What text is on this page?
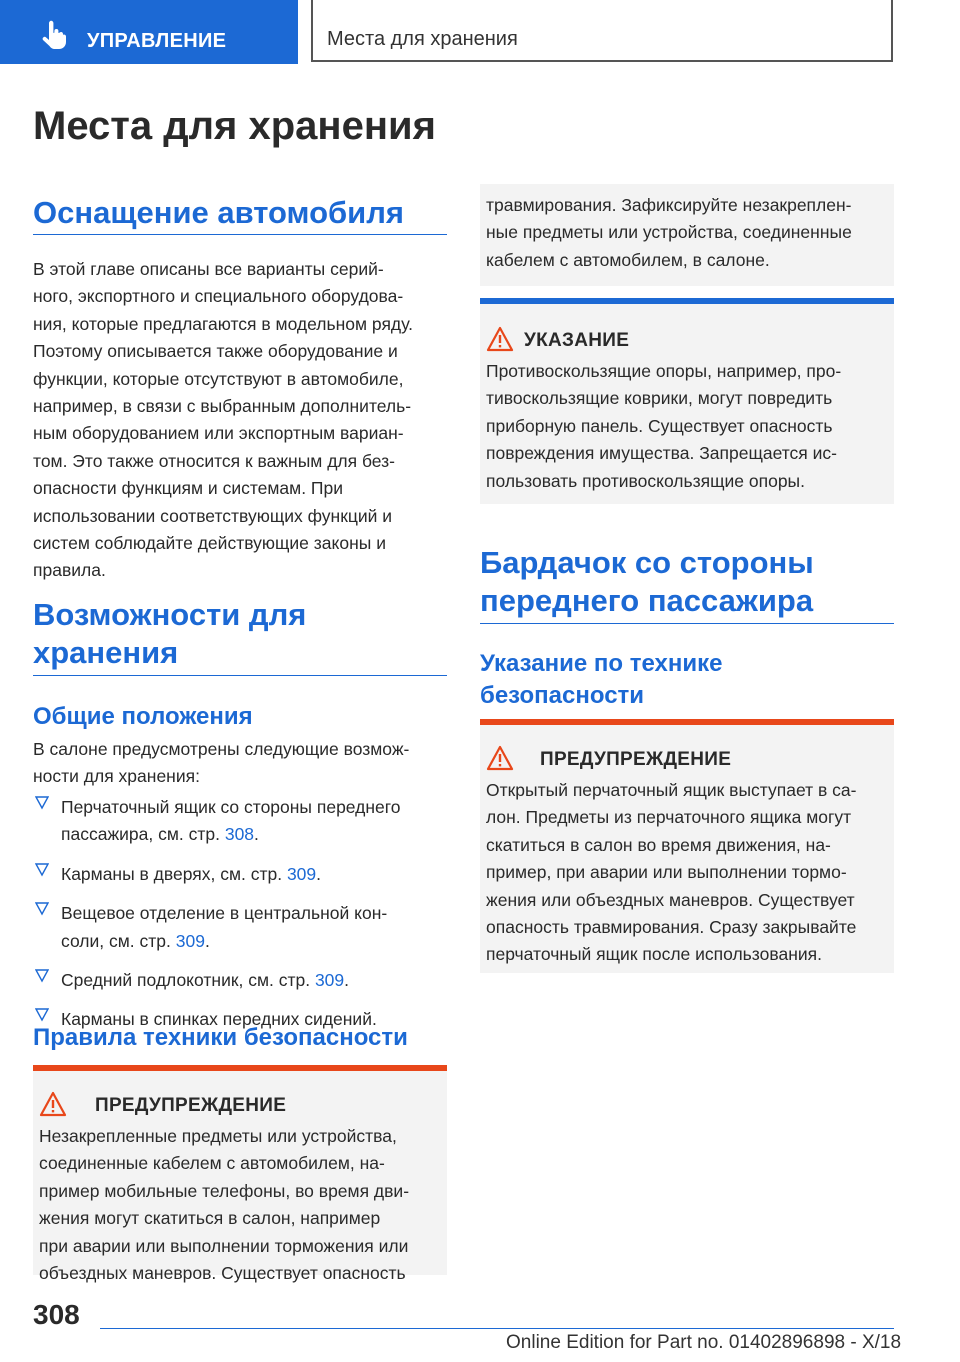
УПРАВЛЕНИЕ	Места для хранения
Места для хранения
Оснащение автомобиля

В этой главе описаны все варианты серий-
ного, экспортного и специального оборудова-
ния, которые предлагаются в модельном ряду.
Поэтому описывается также оборудование и
функции, которые отсутствуют в автомобиле,
например, в связи с выбранным дополнитель-
ным оборудованием или экспортным вариан-
том. Это также относится к важным для без-
опасности функциям и системам. При
использовании соответствующих функций и
систем соблюдайте действующие законы и
правила.

Возможности для
хранения
Общие положения

В салоне предусмотрены следующие возмож-
ности для хранения:

Перчаточный ящик со стороны переднего
пассажира, см. стр. 308.
Карманы в дверях, см. стр. 309.
Вещевое отделение в центральной кон-
соли, см. стр. 309.
Средний подлокотник, см. стр. 309.
Карманы в спинках передних сидений.
Правила техники безопасности
ПРЕДУПРЕЖДЕНИЕ

Незакрепленные предметы или устройства,
соединенные кабелем с автомобилем, на-
пример мобильные телефоны, во время дви-
жения могут скатиться в салон, например
при аварии или выполнении торможения или
объездных маневров. Существует опасность

травмирования. Зафиксируйте незакреплен-
ные предметы или устройства, соединенные
кабелем с автомобилем, в салоне.

УКАЗАНИЕ

Противоскользящие опоры, например, про-
тивоскользящие коврики, могут повредить
приборную панель. Существует опасность
повреждения имущества. Запрещается ис-
пользовать противоскользящие опоры.

Бардачок со стороны
переднего пассажира
Указание по технике
безопасности
ПРЕДУПРЕЖДЕНИЕ

Открытый перчаточный ящик выступает в са-
лон. Предметы из перчаточного ящика могут
скатиться в салон во время движения, на-
пример, при аварии или выполнении тормо-
жения или объездных маневров. Существует
опасность травмирования. Сразу закрывайте
перчаточный ящик после использования.

308
Online Edition for Part no. 01402896898 - X/18
